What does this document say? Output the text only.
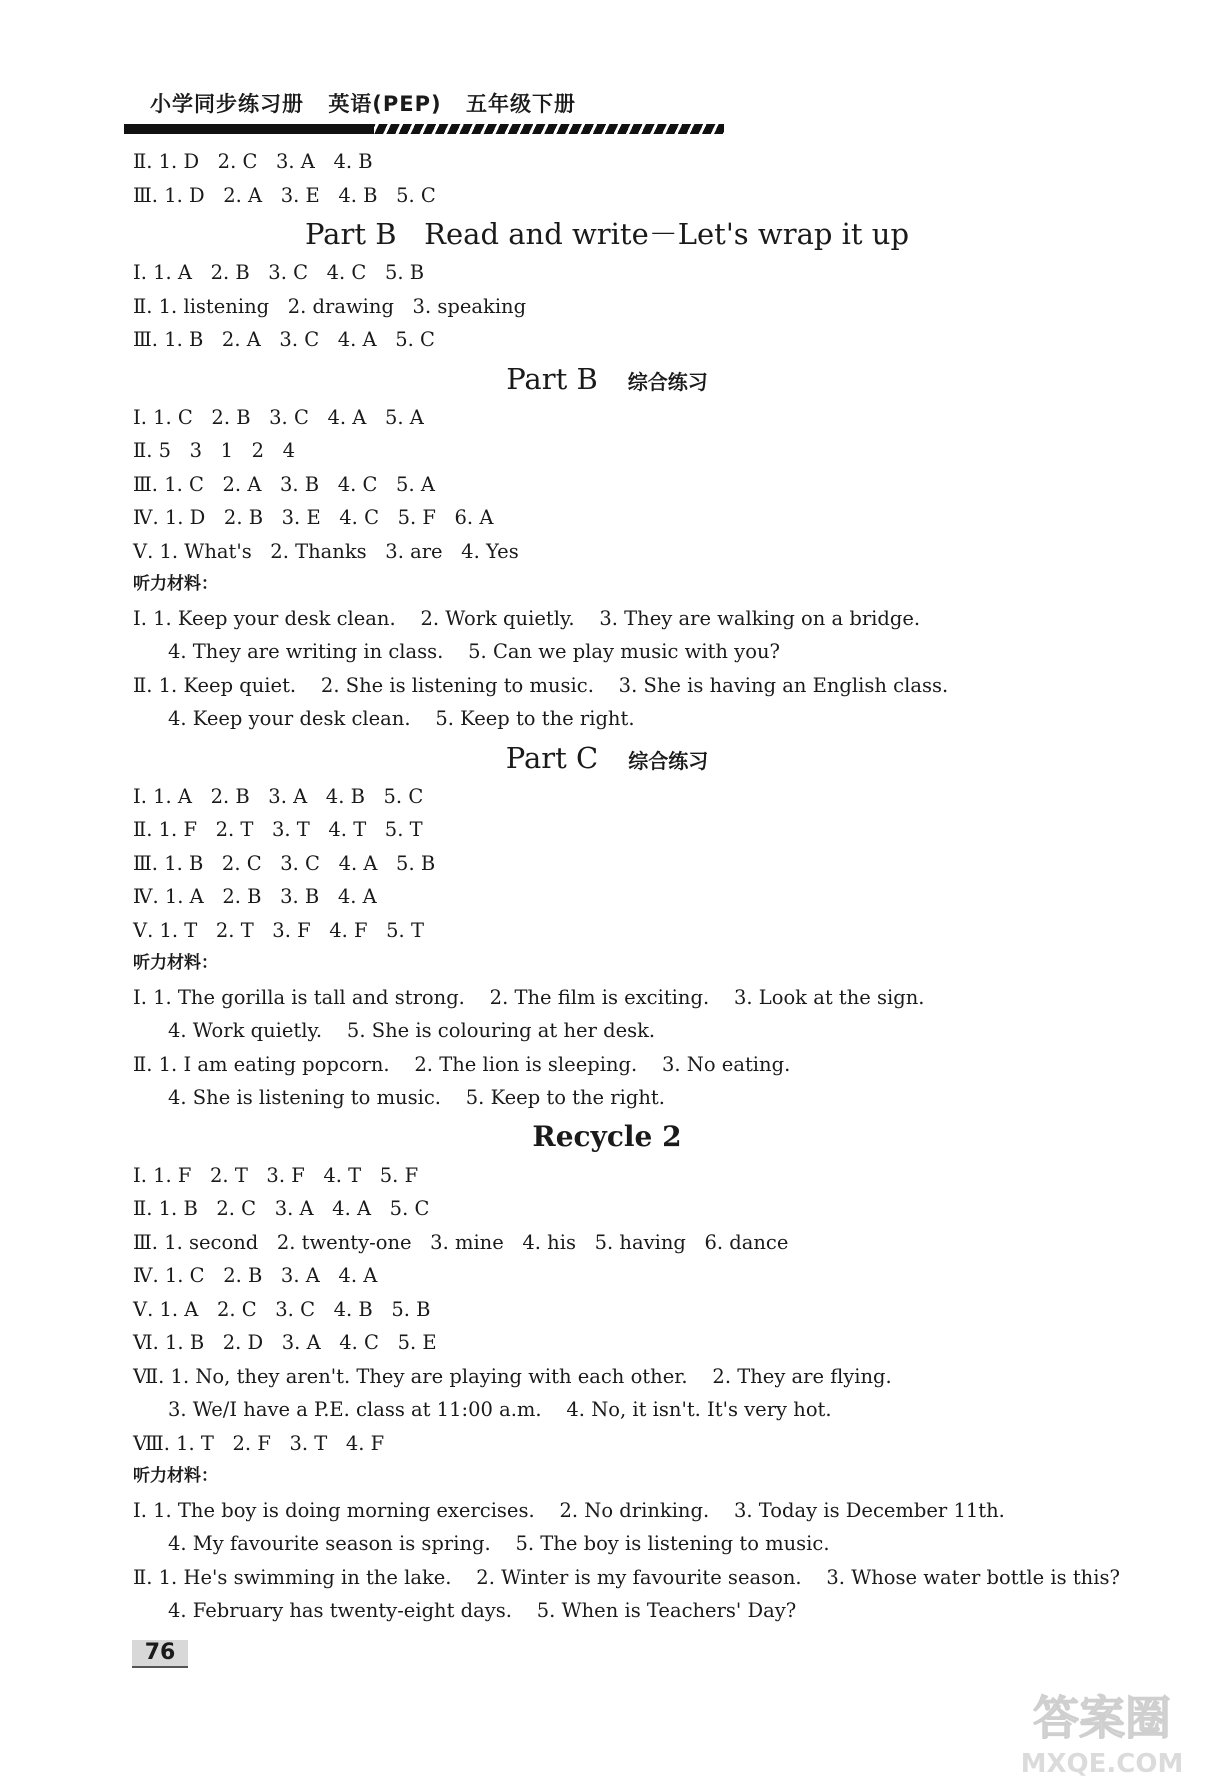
小学同步练习册 英语(PEP) 五年级下册
Ⅱ. 1. D   2. C   3. A   4. B
Ⅲ. 1. D   2. A   3. E   4. B   5. C
Part B   Read and write－Let's wrap it up
Ⅰ. 1. A   2. B   3. C   4. C   5. B
Ⅱ. 1. listening   2. drawing   3. speaking
Ⅲ. 1. B   2. A   3. C   4. A   5. C
Part B 综合练习
Ⅰ. 1. C   2. B   3. C   4. A   5. A
Ⅱ. 5   3   1   2   4
Ⅲ. 1. C   2. A   3. B   4. C   5. A
Ⅳ. 1. D   2. B   3. E   4. C   5. F   6. A
Ⅴ. 1. What's   2. Thanks   3. are   4. Yes
听力材料：
Ⅰ. 1. Keep your desk clean.    2. Work quietly.    3. They are walking on a bridge.
4. They are writing in class.    5. Can we play music with you?
Ⅱ. 1. Keep quiet.    2. She is listening to music.    3. She is having an English class.
4. Keep your desk clean.    5. Keep to the right.
Part C 综合练习
Ⅰ. 1. A   2. B   3. A   4. B   5. C
Ⅱ. 1. F   2. T   3. T   4. T   5. T
Ⅲ. 1. B   2. C   3. C   4. A   5. B
Ⅳ. 1. A   2. B   3. B   4. A
Ⅴ. 1. T   2. T   3. F   4. F   5. T
听力材料：
Ⅰ. 1. The gorilla is tall and strong.    2. The film is exciting.    3. Look at the sign.
4. Work quietly.    5. She is colouring at her desk.
Ⅱ. 1. I am eating popcorn.    2. The lion is sleeping.    3. No eating.
4. She is listening to music.    5. Keep to the right.
Recycle 2
Ⅰ. 1. F   2. T   3. F   4. T   5. F
Ⅱ. 1. B   2. C   3. A   4. A   5. C
Ⅲ. 1. second   2. twenty-one   3. mine   4. his   5. having   6. dance
Ⅳ. 1. C   2. B   3. A   4. A
Ⅴ. 1. A   2. C   3. C   4. B   5. B
Ⅵ. 1. B   2. D   3. A   4. C   5. E
Ⅶ. 1. No, they aren't. They are playing with each other.    2. They are flying.
3. We/I have a P.E. class at 11:00 a.m.    4. No, it isn't. It's very hot.
Ⅷ. 1. T   2. F   3. T   4. F
听力材料：
Ⅰ. 1. The boy is doing morning exercises.    2. No drinking.    3. Today is December 11th.
4. My favourite season is spring.    5. The boy is listening to music.
Ⅱ. 1. He's swimming in the lake.    2. Winter is my favourite season.    3. Whose water bottle is this?
4. February has twenty-eight days.    5. When is Teachers' Day?
76
答案圈
MXQE.COM
